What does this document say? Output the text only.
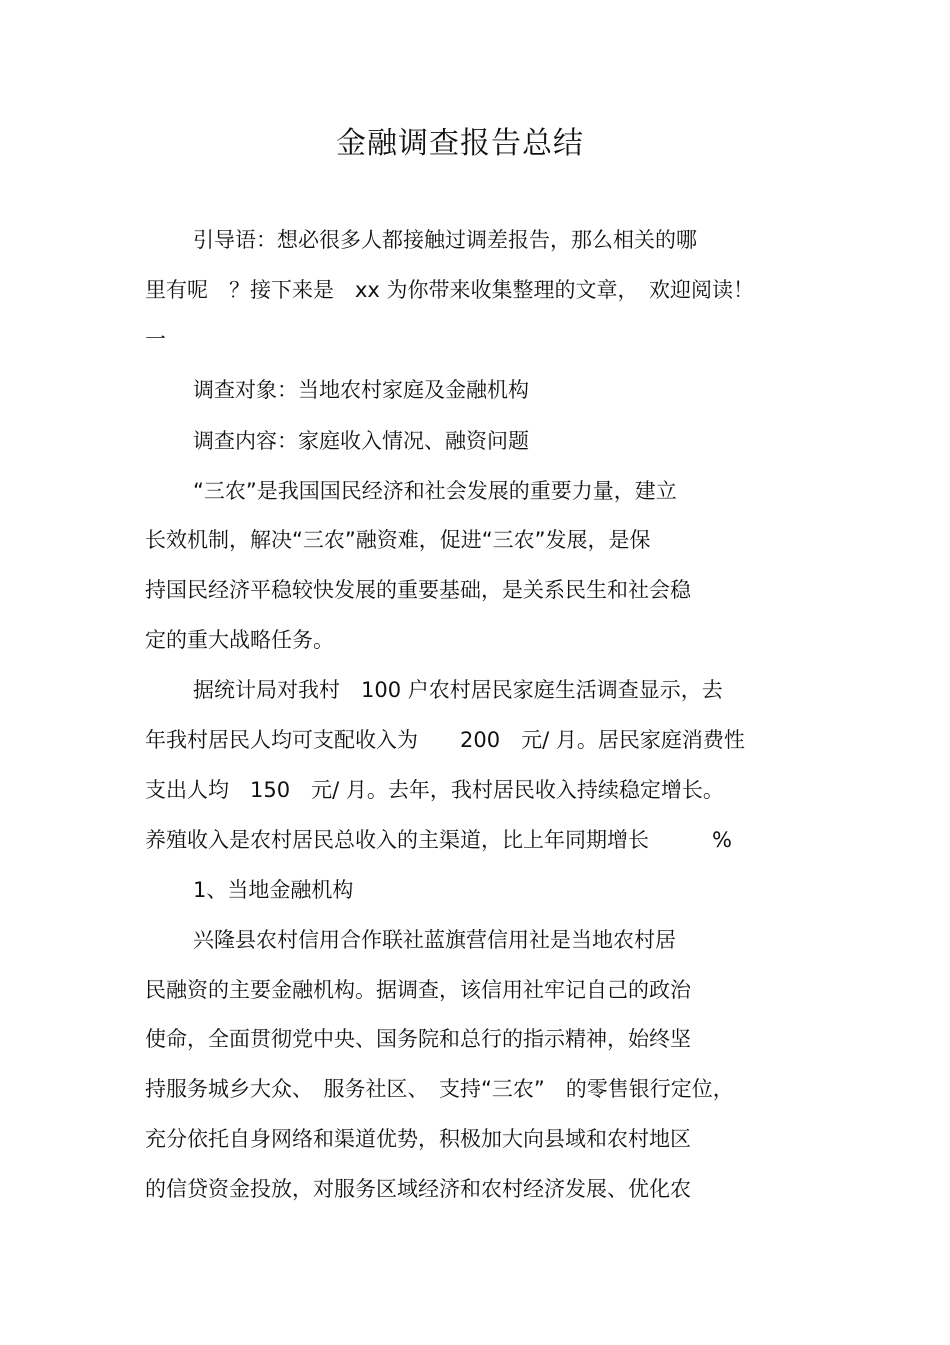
金融调查报告总结
引导语：想必很多人都接触过调差报告，那么相关的哪
里有呢　？接下来是　xx 为你带来收集整理的文章，　欢迎阅读！
一
调查对象：当地农村家庭及金融机构
调查内容：家庭收入情况、融资问题
“三农”是我国国民经济和社会发展的重要力量，建立
长效机制，解决“三农”融资难，促进“三农”发展，是保
持国民经济平稳较快发展的重要基础，是关系民生和社会稳
定的重大战略任务。
据统计局对我村　100 户农村居民家庭生活调查显示，去
年我村居民人均可支配收入为　　200　元/ 月。居民家庭消费性
支出人均　150　元/ 月。去年，我村居民收入持续稳定增长。
养殖收入是农村居民总收入的主渠道，比上年同期增长　　　%
1、当地金融机构
兴隆县农村信用合作联社蓝旗营信用社是当地农村居
民融资的主要金融机构。据调查，该信用社牢记自己的政治
使命，全面贯彻党中央、国务院和总行的指示精神，始终坚
持服务城乡大众、　服务社区、　支持“三农”　的零售银行定位，
充分依托自身网络和渠道优势，积极加大向县域和农村地区
的信贷资金投放，对服务区域经济和农村经济发展、优化农
